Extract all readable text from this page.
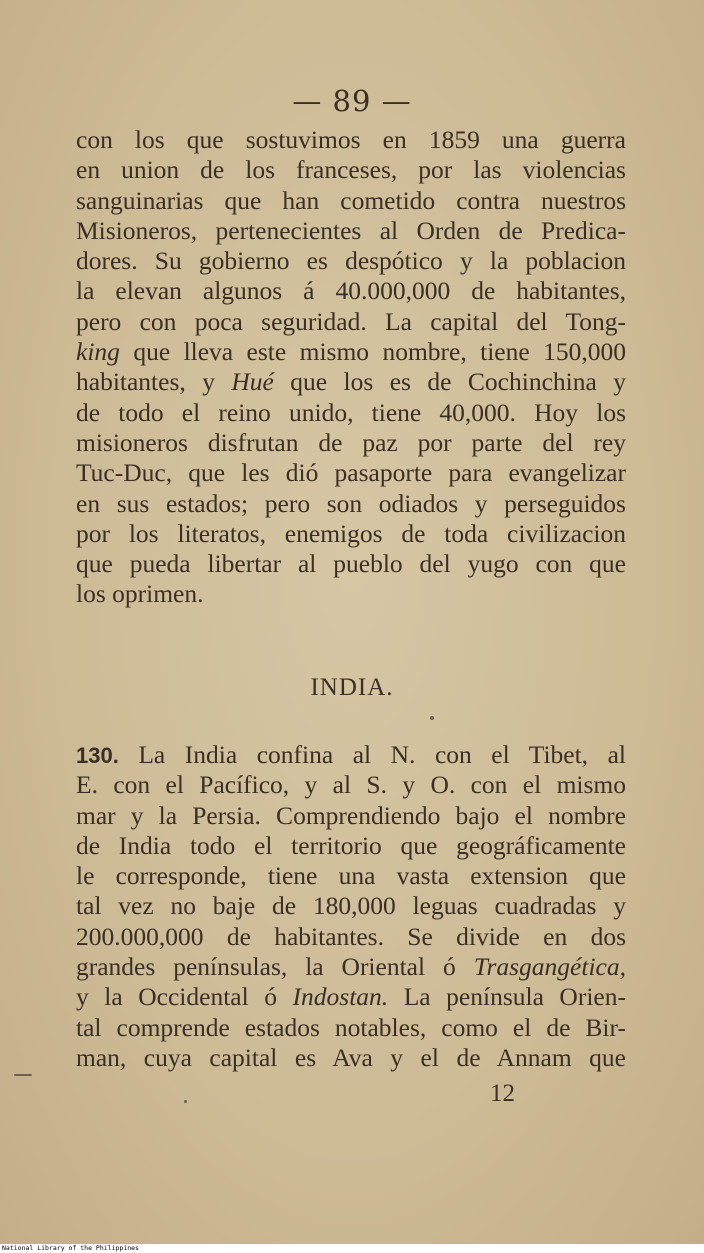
— 89 —
con los que sostuvimos en 1859 una guerra
en union de los franceses, por las violencias
sanguinarias que han cometido contra nuestros
Misioneros, pertenecientes al Orden de Predica-
dores. Su gobierno es despótico y la poblacion
la elevan algunos á 40.000,000 de habitantes,
pero con poca seguridad. La capital del Tong-
king que lleva este mismo nombre, tiene 150,000
habitantes, y Hué que los es de Cochinchina y
de todo el reino unido, tiene 40,000. Hoy los
misioneros disfrutan de paz por parte del rey
Tuc-Duc, que les dió pasaporte para evangelizar
en sus estados; pero son odiados y perseguidos
por los literatos, enemigos de toda civilizacion
que pueda libertar al pueblo del yugo con que
los oprimen.
INDIA.
130. La India confina al N. con el Tibet, al
E. con el Pacífico, y al S. y O. con el mismo
mar y la Persia. Comprendiendo bajo el nombre
de India todo el territorio que geográficamente
le corresponde, tiene una vasta extension que
tal vez no baje de 180,000 leguas cuadradas y
200.000,000 de habitantes. Se divide en dos
grandes penínsulas, la Oriental ó Trasgangética,
y la Occidental ó Indostan. La península Orien-
tal comprende estados notables, como el de Bir-
man, cuya capital es Ava y el de Annam que
12
National Library of the Philippines
